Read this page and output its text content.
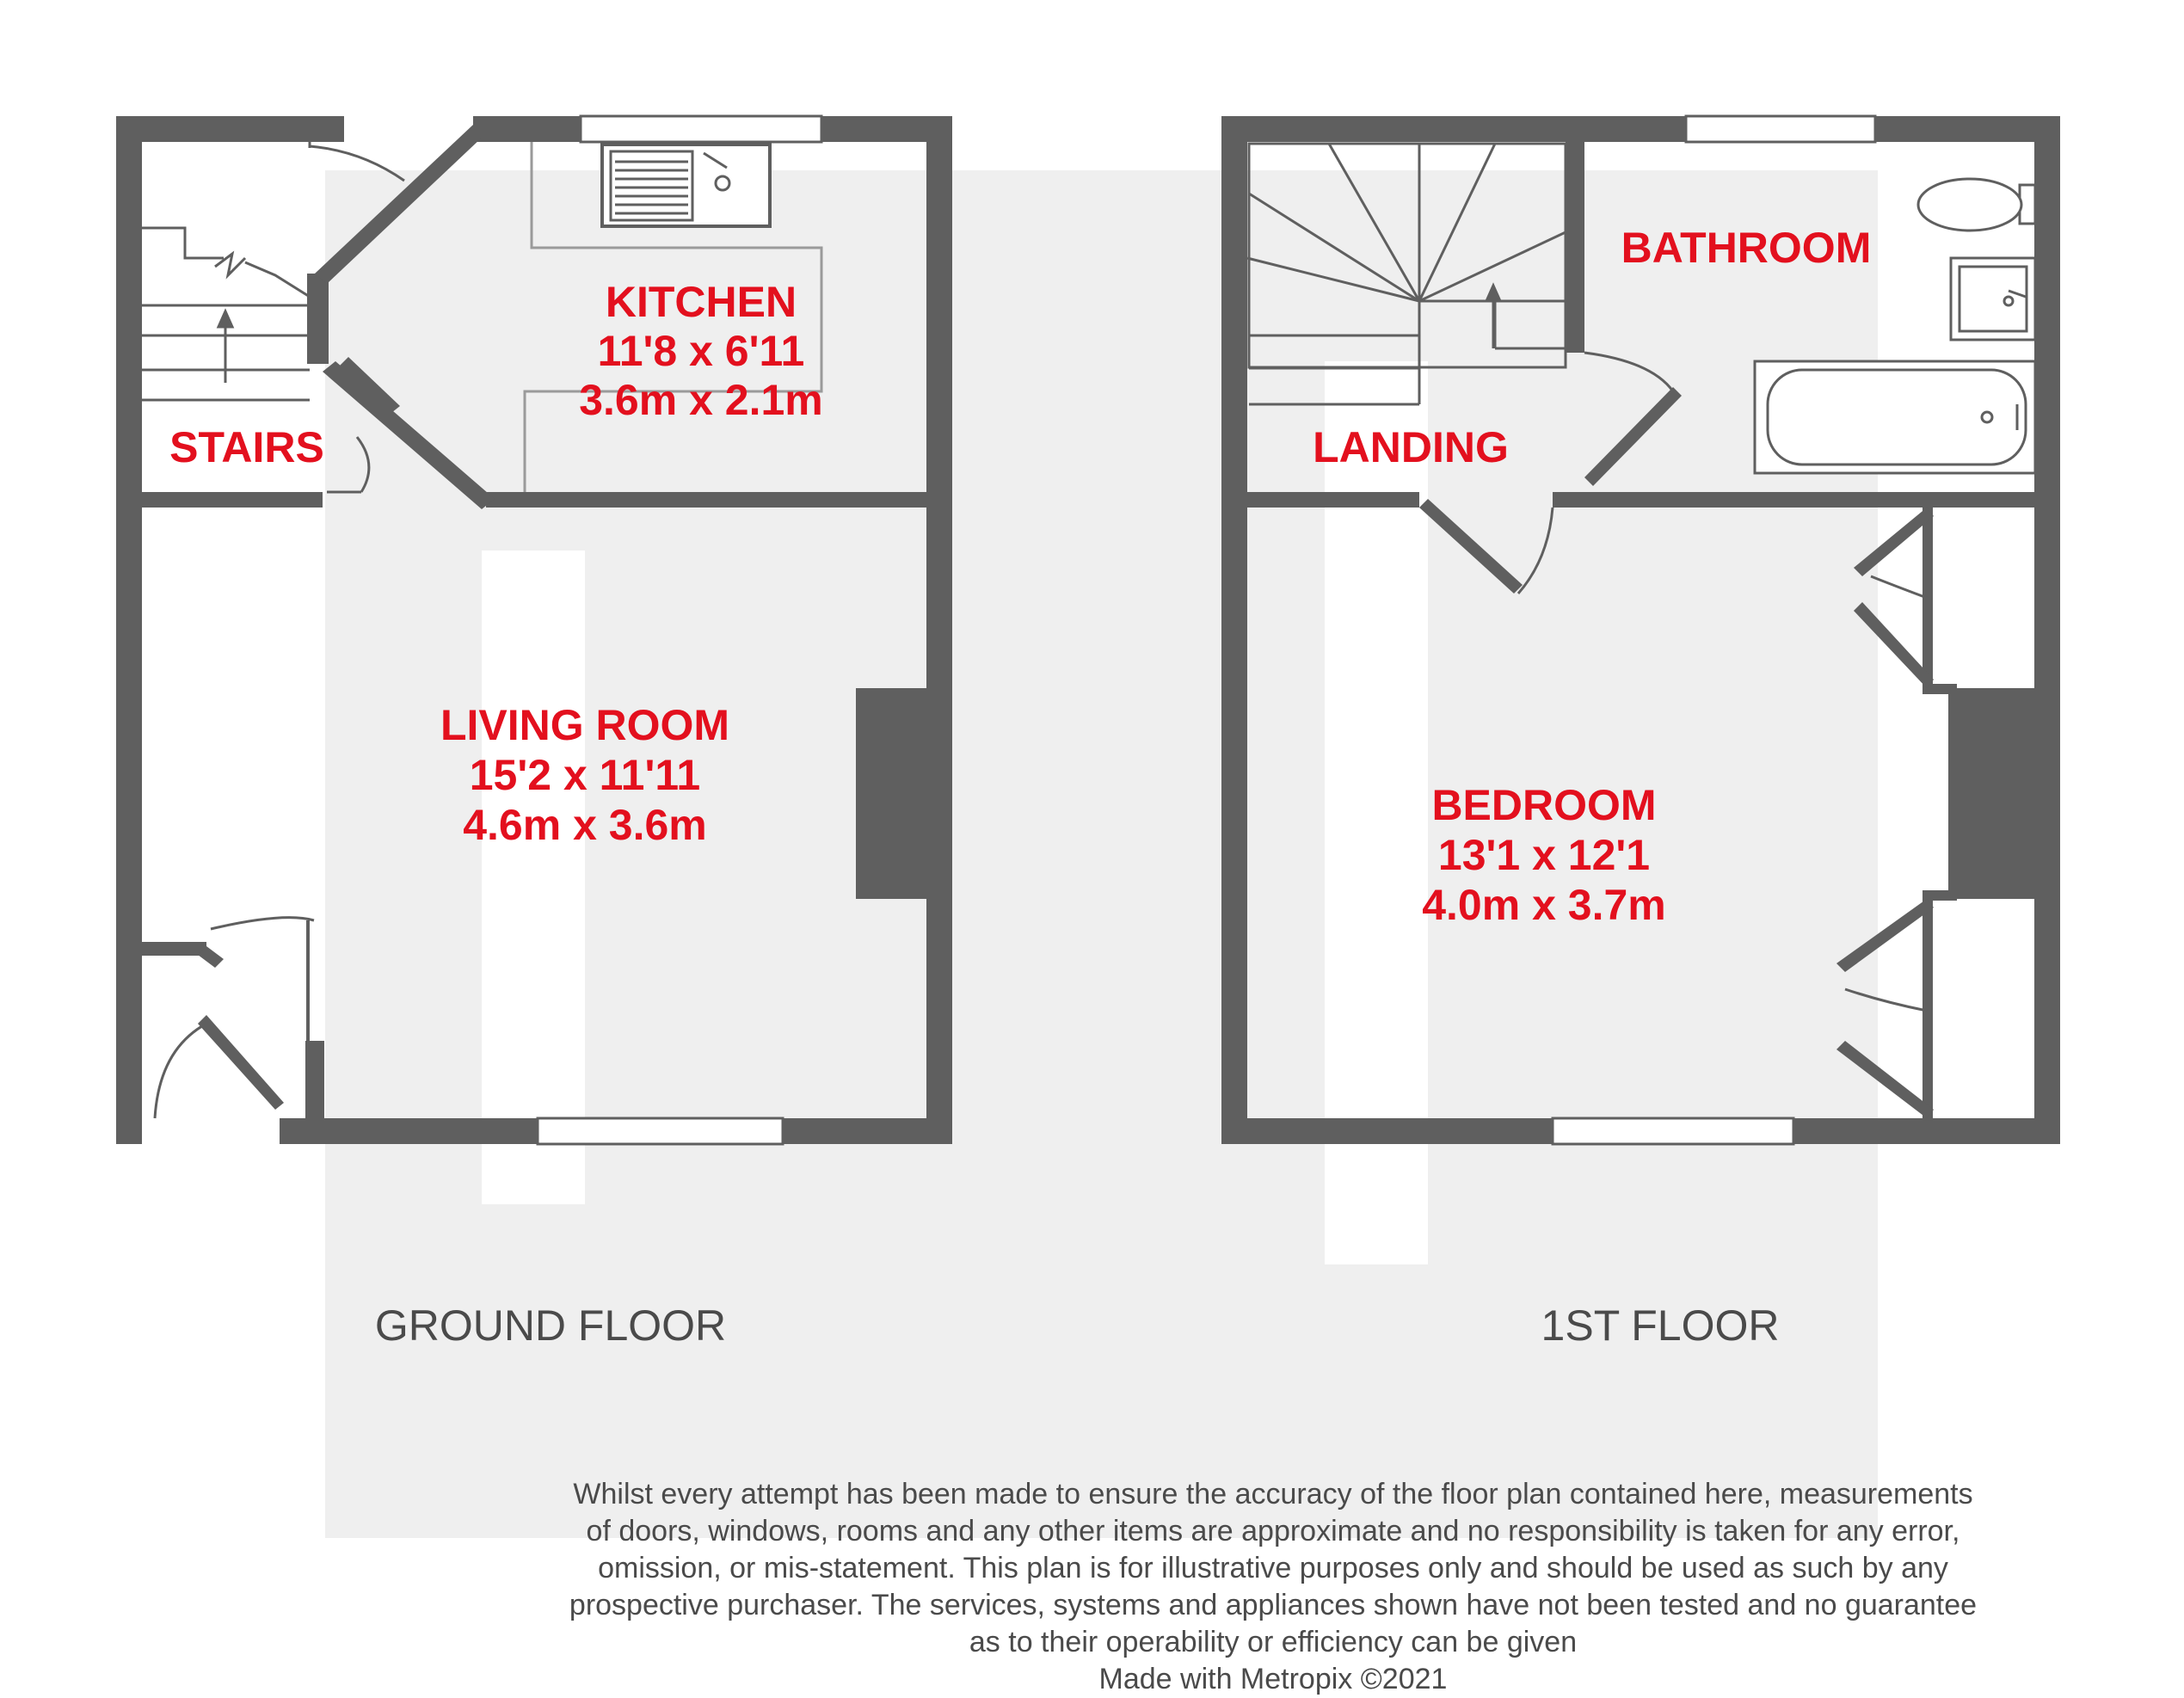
KITCHEN
11'8 x 6'11
3.6m x 2.1m
STAIRS
LIVING ROOM
15'2 x 11'11
4.6m x 3.6m
BATHROOM
LANDING
BEDROOM
13'1 x 12'1
4.0m x 3.7m
GROUND FLOOR	1ST FLOOR
Whilst every attempt has been made to ensure the accuracy of the floor plan contained here, measurements
of doors, windows, rooms and any other items are approximate and no responsibility is taken for any error,
omission, or mis-statement. This plan is for illustrative purposes only and should be used as such by any
prospective purchaser. The services, systems and appliances shown have not been tested and no guarantee
as to their operability or efficiency can be given
Made with Metropix ©2021
